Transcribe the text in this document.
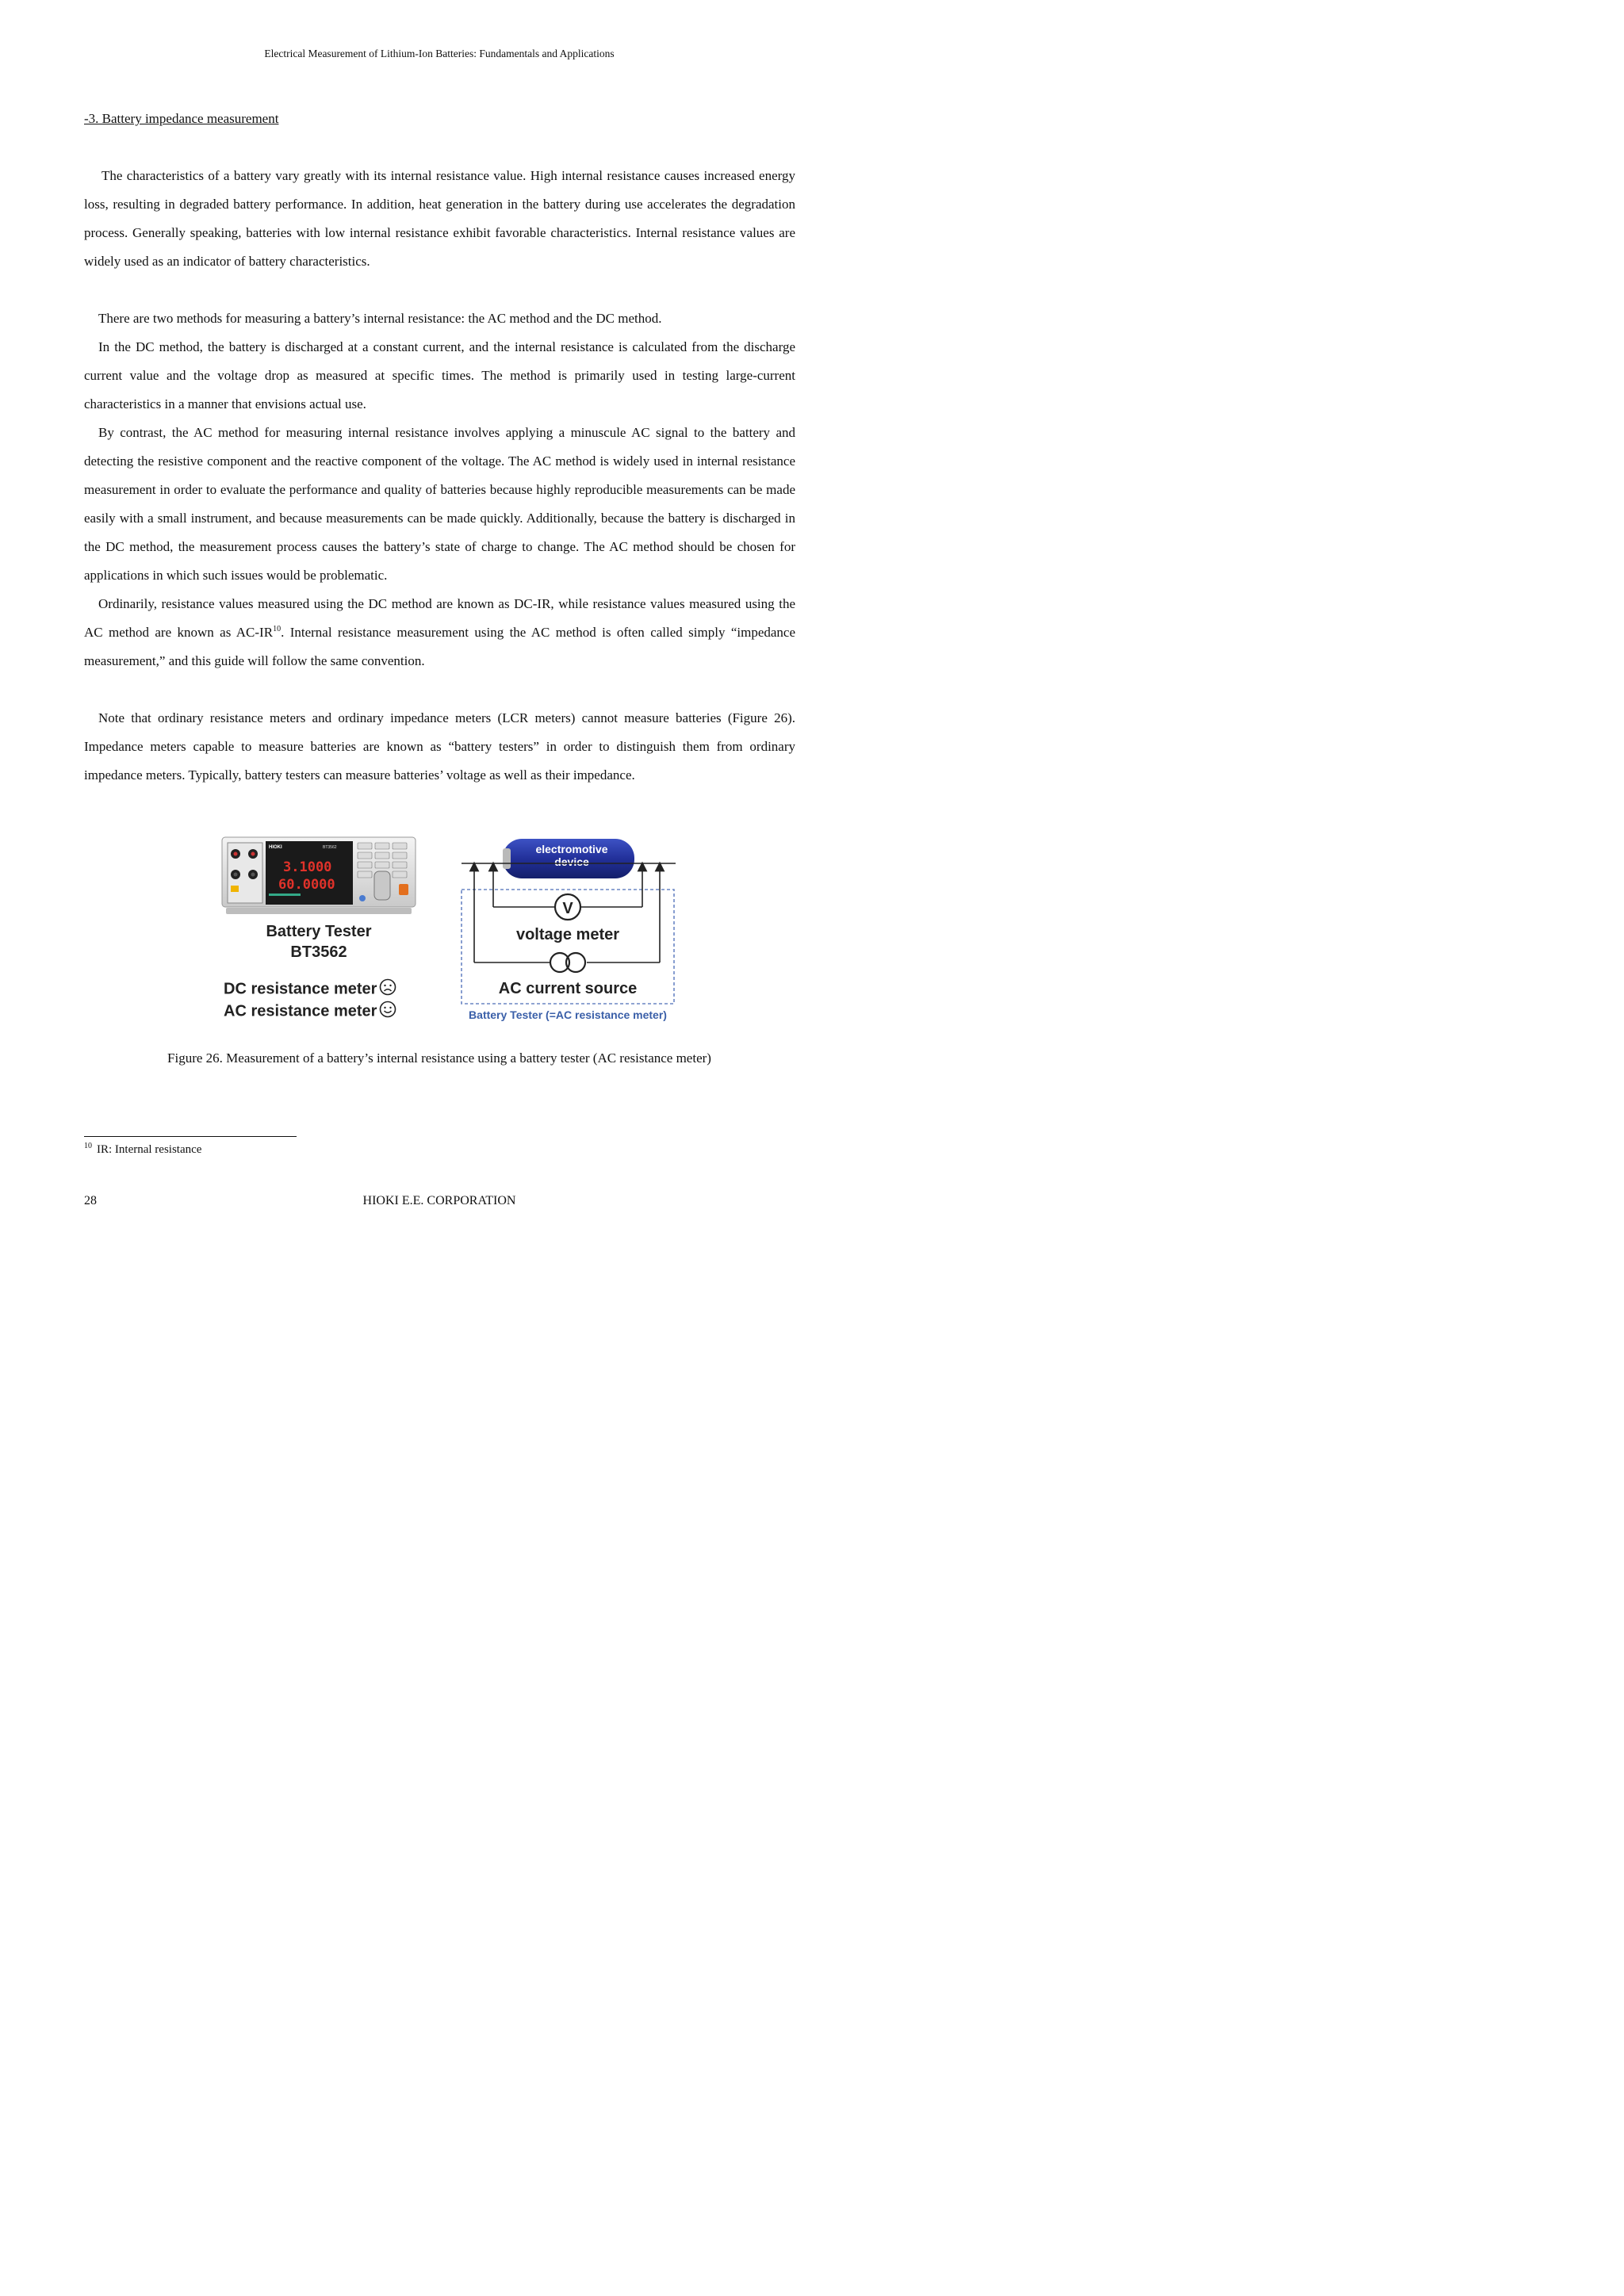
Electrical Measurement of Lithium-Ion Batteries: Fundamentals and Applications
-3. Battery impedance measurement

The characteristics of a battery vary greatly with its internal resistance value. High internal resistance causes increased energy loss, resulting in degraded battery performance. In addition, heat generation in the battery during use accelerates the degradation process. Generally speaking, batteries with low internal resistance exhibit favorable characteristics. Internal resistance values are widely used as an indicator of battery characteristics.

There are two methods for measuring a battery’s internal resistance: the AC method and the DC method.

In the DC method, the battery is discharged at a constant current, and the internal resistance is calculated from the discharge current value and the voltage drop as measured at specific times. The method is primarily used in testing large-current characteristics in a manner that envisions actual use.

By contrast, the AC method for measuring internal resistance involves applying a minuscule AC signal to the battery and detecting the resistive component and the reactive component of the voltage. The AC method is widely used in internal resistance measurement in order to evaluate the performance and quality of batteries because highly reproducible measurements can be made easily with a small instrument, and because measurements can be made quickly. Additionally, because the battery is discharged in the DC method, the measurement process causes the battery’s state of charge to change. The AC method should be chosen for applications in which such issues would be problematic.

Ordinarily, resistance values measured using the DC method are known as DC-IR, while resistance values measured using the AC method are known as AC-IR$^{10}$. Internal resistance measurement using the AC method is often called simply “impedance measurement,” and this guide will follow the same convention.

Note that ordinary resistance meters and ordinary impedance meters (LCR meters) cannot measure batteries (Figure 26). Impedance meters capable to measure batteries are known as “battery testers” in order to distinguish them from ordinary impedance meters. Typically, battery testers can measure batteries’ voltage as well as their impedance.

HIOKI	BT3562
3.1000
60.0000
Battery Tester
BT3562
DC resistance meter
AC resistance meter
electromotive
device
V
voltage meter
AC current source
Battery Tester (=AC resistance meter)
Figure 26. Measurement of a battery’s internal resistance using a battery tester (AC resistance meter)
$^{10}$ IR: Internal resistance
28	HIOKI E.E. CORPORATION
